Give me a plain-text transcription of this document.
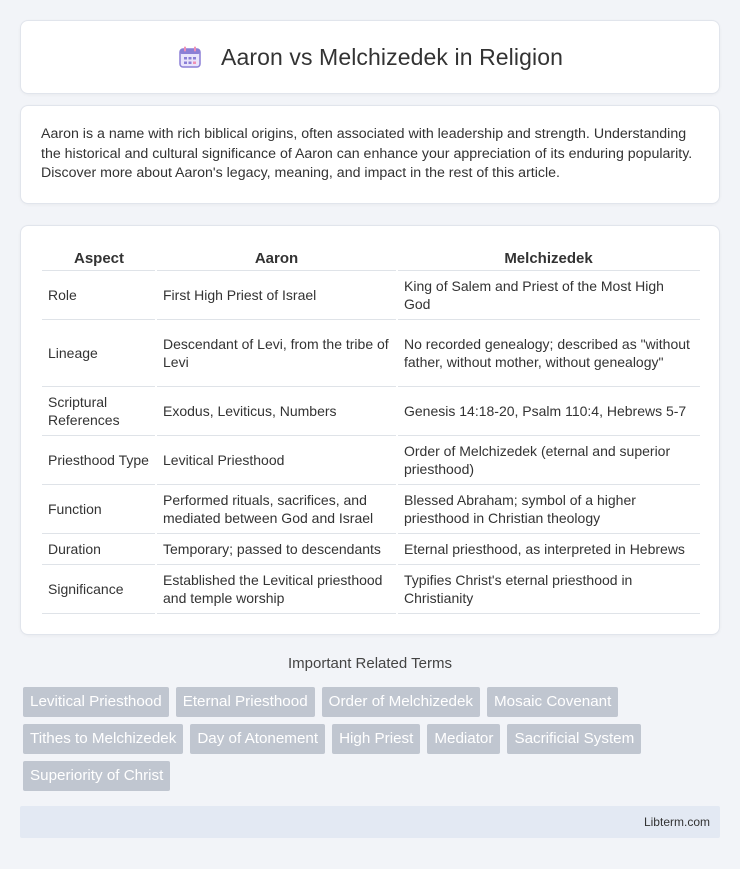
Aaron vs Melchizedek in Religion

Aaron is a name with rich biblical origins, often associated with leadership and strength. Understanding the historical and cultural significance of Aaron can enhance your appreciation of its enduring popularity. Discover more about Aaron's legacy, meaning, and impact in the rest of this article.

Aspect	Aaron	Melchizedek
Role	First High Priest of Israel	King of Salem and Priest of the Most High God
Lineage	Descendant of Levi, from the tribe of Levi	No recorded genealogy; described as "without father, without mother, without genealogy"
Scriptural References	Exodus, Leviticus, Numbers	Genesis 14:18-20, Psalm 110:4, Hebrews 5-7
Priesthood Type	Levitical Priesthood	Order of Melchizedek (eternal and superior priesthood)
Function	Performed rituals, sacrifices, and mediated between God and Israel	Blessed Abraham; symbol of a higher priesthood in Christian theology
Duration	Temporary; passed to descendants	Eternal priesthood, as interpreted in Hebrews
Significance	Established the Levitical priesthood and temple worship	Typifies Christ's eternal priesthood in Christianity
Important Related Terms
Levitical Priesthood	Eternal Priesthood	Order of Melchizedek	Mosaic Covenant
Tithes to Melchizedek	Day of Atonement	High Priest	Mediator	Sacrificial System
Superiority of Christ
Libterm.com
